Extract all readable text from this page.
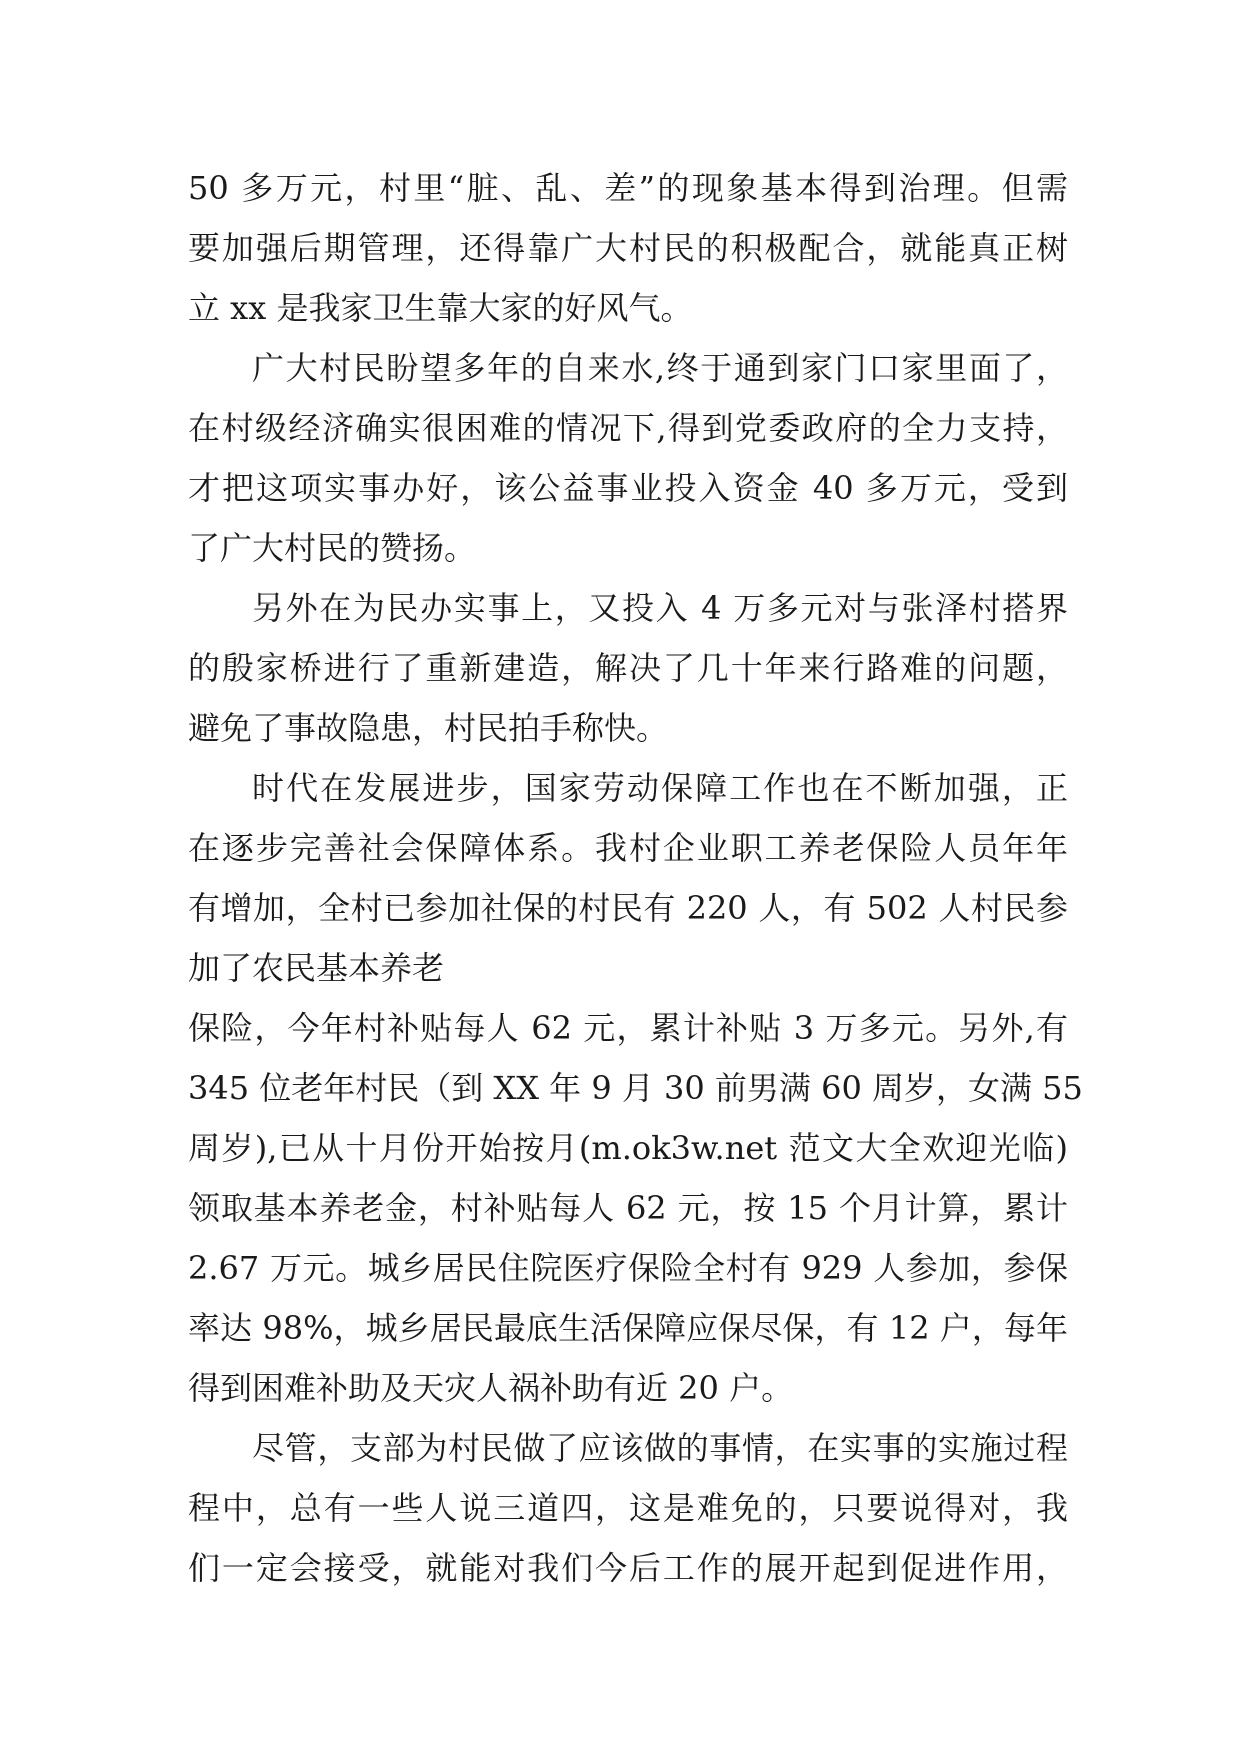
50 多万元，村里“脏、乱、差”的现象基本得到治理。但需
要加强后期管理，还得靠广大村民的积极配合，就能真正树
立 xx 是我家卫生靠大家的好风气。
广大村民盼望多年的自来水,终于通到家门口家里面了，
在村级经济确实很困难的情况下,得到党委政府的全力支持，
才把这项实事办好，该公益事业投入资金 40 多万元，受到
了广大村民的赞扬。
另外在为民办实事上，又投入 4 万多元对与张泽村搭界
的殷家桥进行了重新建造，解决了几十年来行路难的问题，
避免了事故隐患，村民拍手称快。
时代在发展进步，国家劳动保障工作也在不断加强，正
在逐步完善社会保障体系。我村企业职工养老保险人员年年
有增加，全村已参加社保的村民有 220 人，有 502 人村民参
加了农民基本养老
保险，今年村补贴每人 62 元，累计补贴 3 万多元。另外,有
345 位老年村民（到 XX 年 9 月 30 前男满 60 周岁，女满 55
周岁),已从十月份开始按月(m.ok3w.net 范文大全欢迎光临)
领取基本养老金，村补贴每人 62 元，按 15 个月计算，累计
2.67 万元。城乡居民住院医疗保险全村有 929 人参加，参保
率达 98%，城乡居民最底生活保障应保尽保，有 12 户，每年
得到困难补助及天灾人祸补助有近 20 户。
尽管，支部为村民做了应该做的事情，在实事的实施过程
程中，总有一些人说三道四，这是难免的，只要说得对，我
们一定会接受，就能对我们今后工作的展开起到促进作用，
